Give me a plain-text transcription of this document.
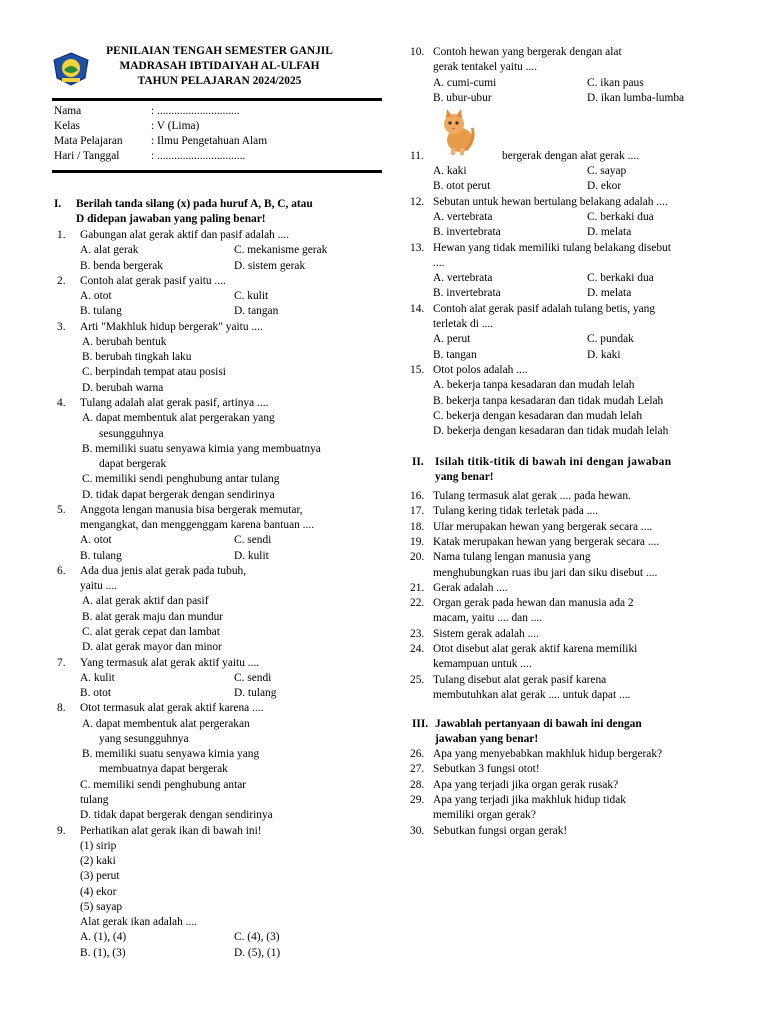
PENILAIAN TENGAH SEMESTER GANJIL
MADRASAH IBTIDAIYAH AL-ULFAH
TAHUN PELAJARAN 2024/2025
Nama	: .............................
Kelas	: V (Lima)
Mata Pelajaran : Ilmu Pengetahuan Alam
Hari / Tanggal	: ...............................
I. Berilah tanda silang (x) pada huruf A, B, C, atau
D didepan jawaban yang paling benar!
1. Gabungan alat gerak aktif dan pasif adalah ....
A. alat gerak	C. mekanisme gerak
B. benda bergerak	D. sistem gerak
2. Contoh alat gerak pasif yaitu ....
A. otot	C. kulit
B. tulang	D. tangan
3. Arti "Makhluk hidup bergerak" yaitu ....
A. berubah bentuk
B. berubah tingkah laku
C. berpindah tempat atau posisi
D. berubah warna
4. Tulang adalah alat gerak pasif, artinya ....
A. dapat membentuk alat pergerakan yang
sesungguhnya
B. memiliki suatu senyawa kimia yang membuatnya
dapat bergerak
C. memiliki sendi penghubung antar tulang
D. tidak dapat bergerak dengan sendirinya
5. Anggota lengan manusia bisa bergerak memutar,
mengangkat, dan menggenggam karena bantuan ....
A. otot	C. sendi
B. tulang	D. kulit
6. Ada dua jenis alat gerak pada tubuh,
yaitu ....
A. alat gerak aktif dan pasif
B. alat gerak maju dan mundur
C. alat gerak cepat dan lambat
D. alat gerak mayor dan minor
7. Yang termasuk alat gerak aktif yaitu ....
A. kulit	C. sendi
B. otot	D. tulang
8. Otot termasuk alat gerak aktif karena ....
A. dapat membentuk alat pergerakan
yang sesungguhnya
B. memiliki suatu senyawa kimia yang
membuatnya dapat bergerak
C. memiliki sendi penghubung antar
tulang
D. tidak dapat bergerak dengan sendirinya
9. Perhatikan alat gerak ikan di bawah ini!
(1) sirip
(2) kaki
(3) perut
(4) ekor
(5) sayap
Alat gerak ikan adalah ....
A. (1), (4)	C. (4), (3)
B. (1), (3)	D. (5), (1)
10. Contoh hewan yang bergerak dengan alat
gerak tentakel yaitu ....
A. cumi-cumi	C. ikan paus
B. ubur-ubur	D. ikan lumba-lumba
11.	bergerak dengan alat gerak ....
A. kaki	C. sayap
B. otot perut	D. ekor
12. Sebutan untuk hewan bertulang belakang adalah ....
A. vertebrata	C. berkaki dua
B. invertebrata	D. melata
13. Hewan yang tidak memiliki tulang belakang disebut
....
A. vertebrata	C. berkaki dua
B. invertebrata	D. melata
14. Contoh alat gerak pasif adalah tulang betis, yang
terletak di ....
A. perut	C. pundak
B. tangan	D. kaki
15. Otot polos adalah ....
A. bekerja tanpa kesadaran dan mudah lelah
B. bekerja tanpa kesadaran dan tidak mudah Lelah
C. bekerja dengan kesadaran dan mudah lelah
D. bekerja dengan kesadaran dan tidak mudah lelah
II. Isilah titik-titik di bawah ini dengan jawaban
yang benar!
16. Tulang termasuk alat gerak .... pada hewan.
17. Tulang kering tidak terletak pada ....
18. Ular merupakan hewan yang bergerak secara ....
19. Katak merupakan hewan yang bergerak secara ....
20. Nama tulang lengan manusia yang
menghubungkan ruas ibu jari dan siku disebut ....
21. Gerak adalah ....
22. Organ gerak pada hewan dan manusia ada 2
macam, yaitu .... dan ....
23. Sistem gerak adalah ....
24. Otot disebut alat gerak aktif karena memiliki
kemampuan untuk ....
25. Tulang disebut alat gerak pasif karena
membutuhkan alat gerak .... untuk dapat ....
III. Jawablah pertanyaan di bawah ini dengan
jawaban yang benar!
26. Apa yang menyebabkan makhluk hidup bergerak?
27. Sebutkan 3 fungsi otot!
28. Apa yang terjadi jika organ gerak rusak?
29. Apa yang terjadi jika makhluk hidup tidak
memiliki organ gerak?
30. Sebutkan fungsi organ gerak!
